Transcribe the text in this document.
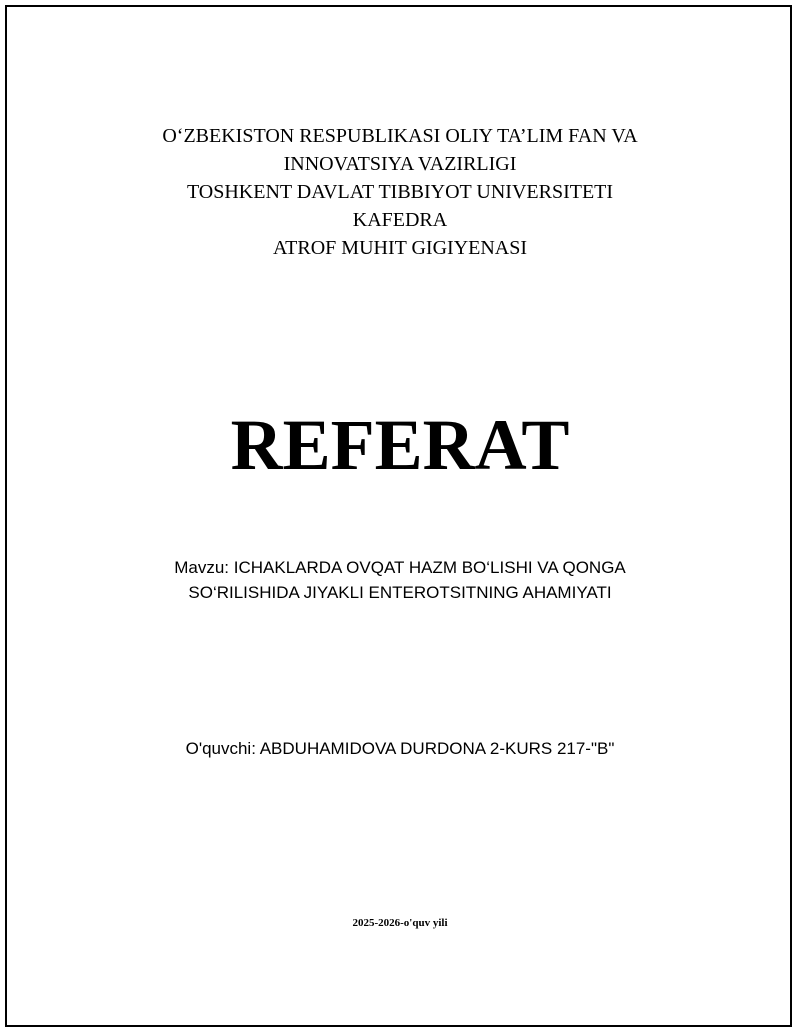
O‘ZBEKISTON RESPUBLIKASI OLIY TA’LIM FAN VA
INNOVATSIYA VAZIRLIGI
TOSHKENT DAVLAT TIBBIYOT UNIVERSITETI
KAFEDRA
ATROF MUHIT GIGIYENASI
REFERAT
Mavzu: ICHAKLARDA OVQAT HAZM BO‘LISHI VA QONGA
SO‘RILISHIDA JIYAKLI ENTEROTSITNING AHAMIYATI
O'quvchi: ABDUHAMIDOVA DURDONA 2-KURS 217-"B"
2025-2026-o'quv yili
